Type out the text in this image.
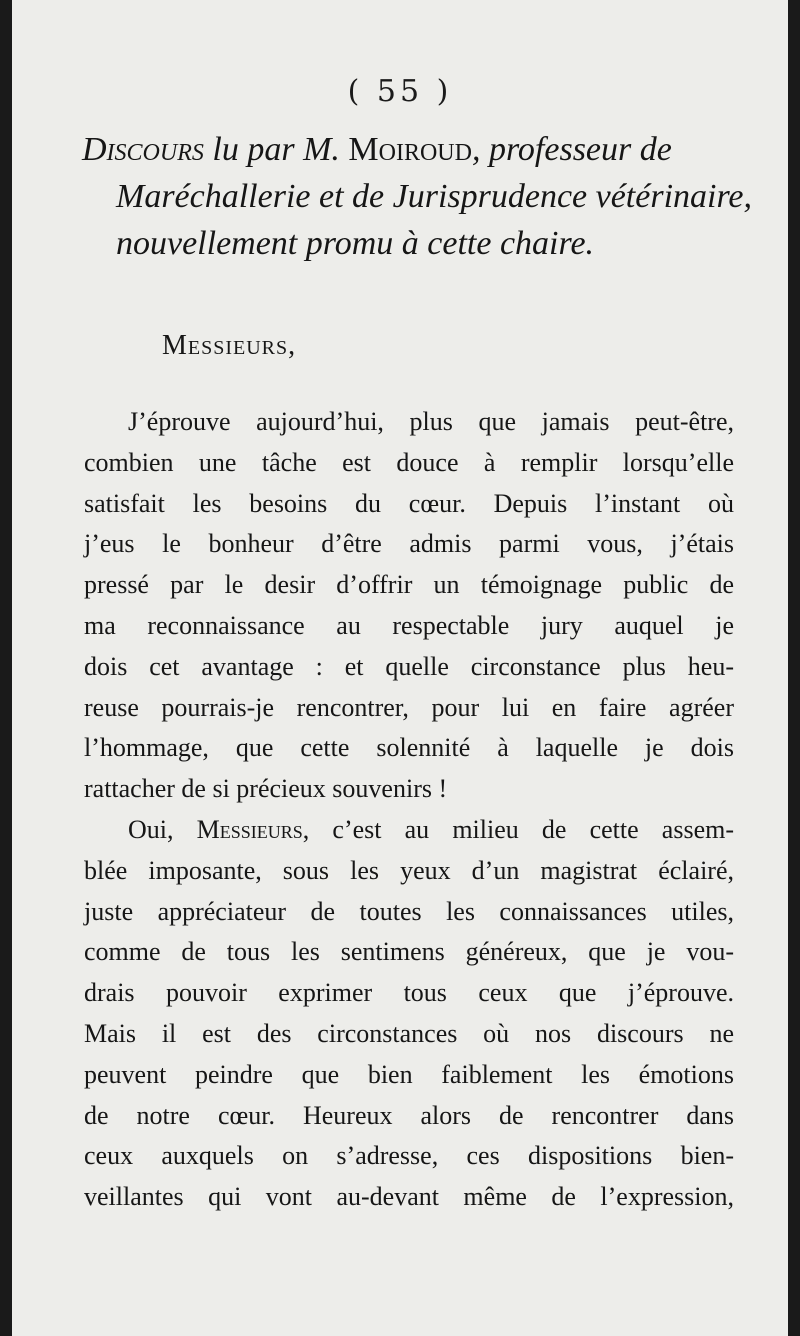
( 55 )
Discours lu par M. Moiroud, professeur de
Maréchallerie et de Jurisprudence vétérinaire,
nouvellement promu à cette chaire.
Messieurs,
J’éprouve aujourd’hui, plus que jamais peut-être,
combien une tâche est douce à remplir lorsqu’elle
satisfait les besoins du cœur. Depuis l’instant où
j’eus le bonheur d’être admis parmi vous, j’étais
pressé par le desir d’offrir un témoignage public de
ma reconnaissance au respectable jury auquel je
dois cet avantage : et quelle circonstance plus heu-
reuse pourrais-je rencontrer, pour lui en faire agréer
l’hommage, que cette solennité à laquelle je dois
rattacher de si précieux souvenirs !
Oui, Messieurs, c’est au milieu de cette assem-
blée imposante, sous les yeux d’un magistrat éclairé,
juste appréciateur de toutes les connaissances utiles,
comme de tous les sentimens généreux, que je vou-
drais pouvoir exprimer tous ceux que j’éprouve.
Mais il est des circonstances où nos discours ne
peuvent peindre que bien faiblement les émotions
de notre cœur. Heureux alors de rencontrer dans
ceux auxquels on s’adresse, ces dispositions bien-
veillantes qui vont au-devant même de l’expression,
